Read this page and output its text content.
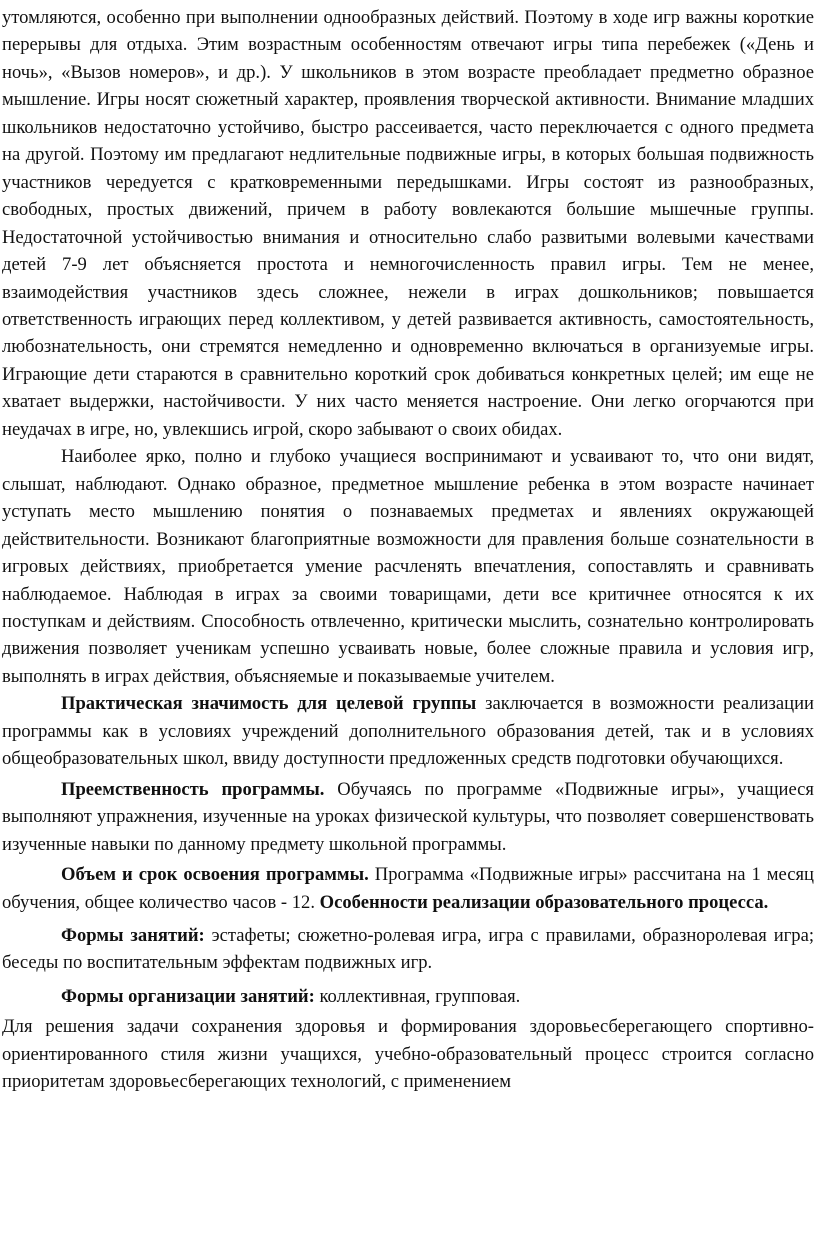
утомляются, особенно при выполнении однообразных действий. Поэтому в ходе игр важны короткие перерывы для отдыха. Этим возрастным особенностям отвечают игры типа перебежек («День и ночь», «Вызов номеров», и др.). У школьников в этом возрасте преобладает предметно образное мышление. Игры носят сюжетный характер, проявления творческой активности. Внимание младших школьников недостаточно устойчиво, быстро рассеивается, часто переключается с одного предмета на другой. Поэтому им предлагают недлительные подвижные игры, в которых большая подвижность участников чередуется с кратковременными передышками. Игры состоят из разнообразных, свободных, простых движений, причем в работу вовлекаются большие мышечные группы. Недостаточной устойчивостью внимания и относительно слабо развитыми волевыми качествами детей 7-9 лет объясняется простота и немногочисленность правил игры. Тем не менее, взаимодействия участников здесь сложнее, нежели в играх дошкольников; повышается ответственность играющих перед коллективом, у детей развивается активность, самостоятельность, любознательность, они стремятся немедленно и одновременно включаться в организуемые игры. Играющие дети стараются в сравнительно короткий срок добиваться конкретных целей; им еще не хватает выдержки, настойчивости. У них часто меняется настроение. Они легко огорчаются при неудачах в игре, но, увлекшись игрой, скоро забывают о своих обидах.

Наиболее ярко, полно и глубоко учащиеся воспринимают и усваивают то, что они видят, слышат, наблюдают. Однако образное, предметное мышление ребенка в этом возрасте начинает уступать место мышлению понятия о познаваемых предметах и явлениях окружающей действительности. Возникают благоприятные возможности для правления больше сознательности в игровых действиях, приобретается умение расчленять впечатления, сопоставлять и сравнивать наблюдаемое. Наблюдая в играх за своими товарищами, дети все критичнее относятся к их поступкам и действиям. Способность отвлеченно, критически мыслить, сознательно контролировать движения позволяет ученикам успешно усваивать новые, более сложные правила и условия игр, выполнять в играх действия, объясняемые и показываемые учителем.

Практическая значимость для целевой группы заключается в возможности реализации программы как в условиях учреждений дополнительного образования детей, так и в условиях общеобразовательных школ, ввиду доступности предложенных средств подготовки обучающихся.

Преемственность программы. Обучаясь по программе «Подвижные игры», учащиеся выполняют упражнения, изученные на уроках физической культуры, что позволяет совершенствовать изученные навыки по данному предмету школьной программы.

Объем и срок освоения программы. Программа «Подвижные игры» рассчитана на 1 месяц обучения, общее количество часов - 12. Особенности реализации образовательного процесса.

Формы занятий: эстафеты; сюжетно-ролевая игра, игра с правилами, образноролевая игра; беседы по воспитательным эффектам подвижных игр.

Формы организации занятий: коллективная, групповая.

Для решения задачи сохранения здоровья и формирования здоровьесберегающего спортивно-ориентированного стиля жизни учащихся, учебно-образовательный процесс строится согласно приоритетам здоровьесберегающих технологий, с применением
